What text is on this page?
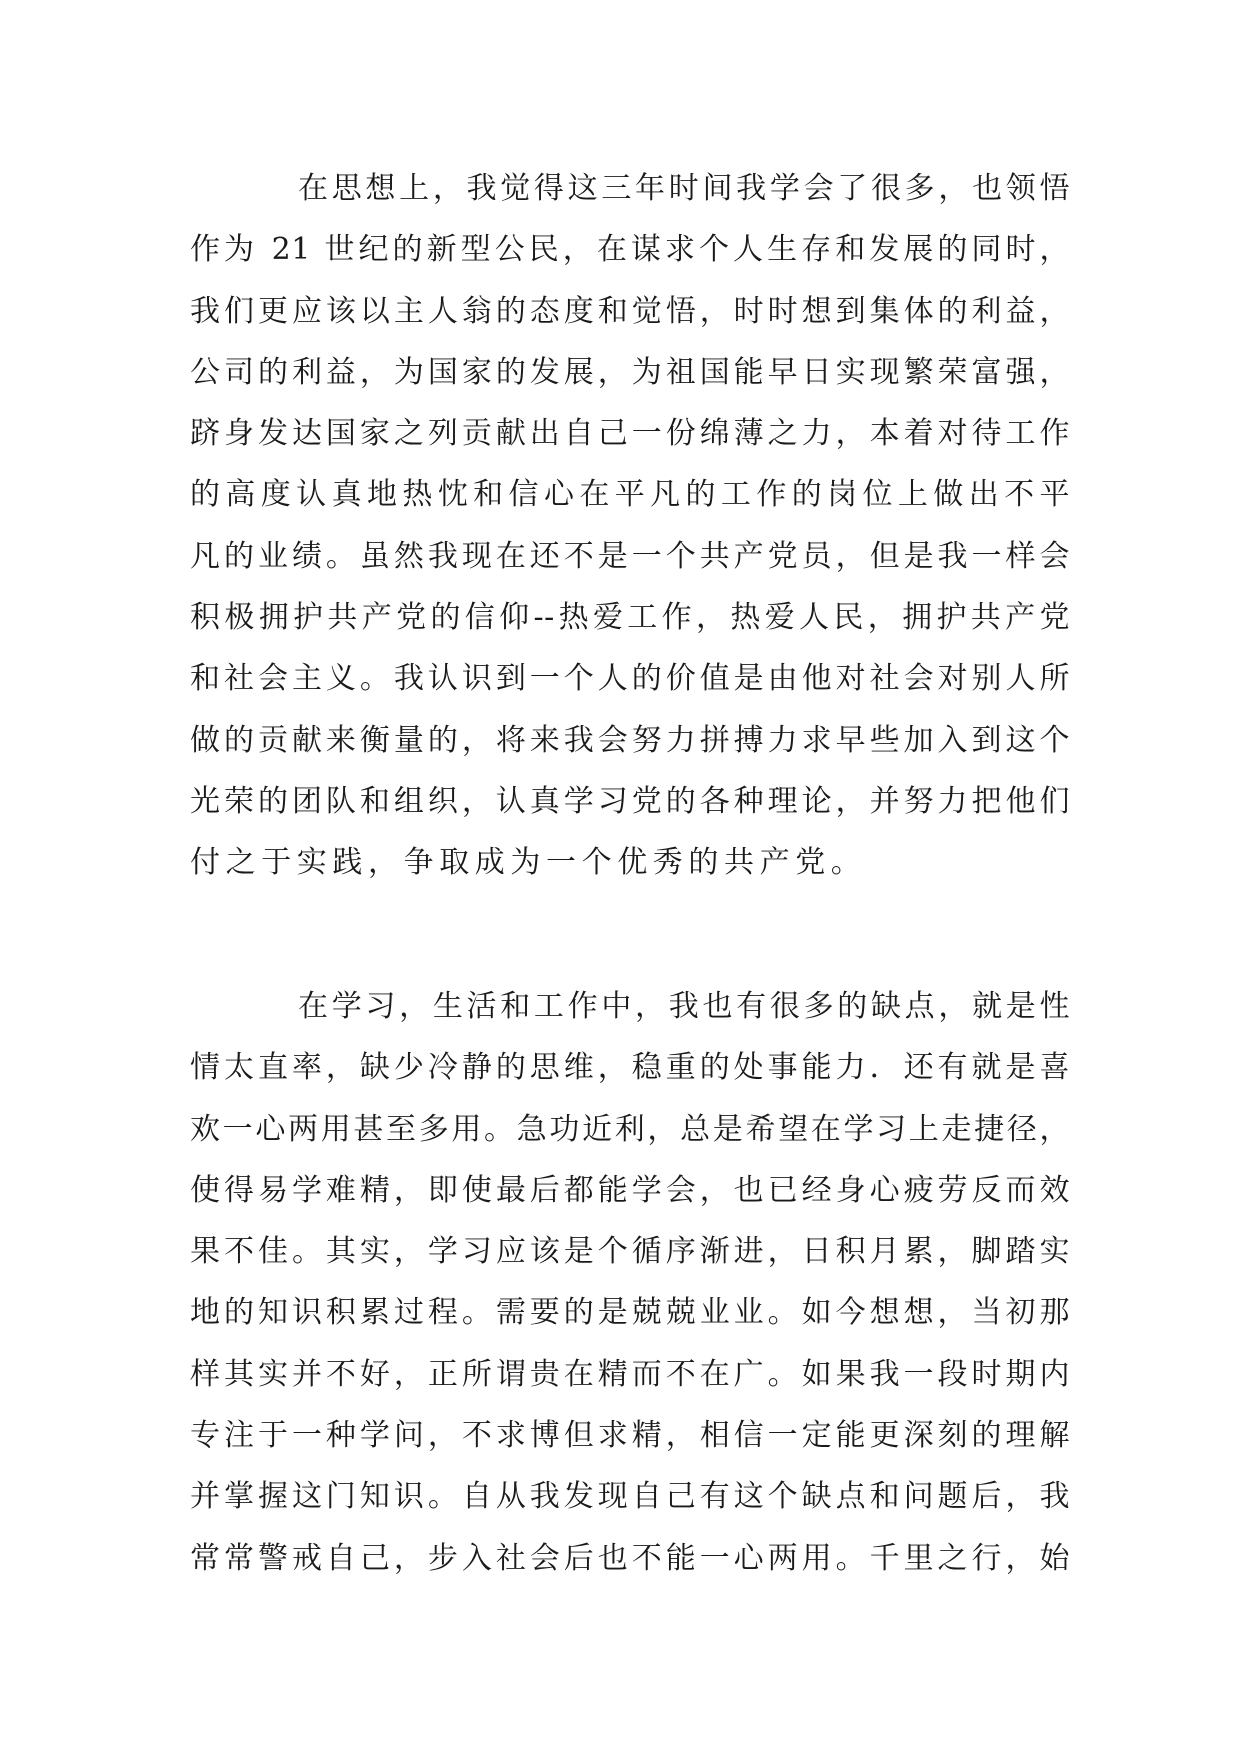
在思想上，我觉得这三年时间我学会了很多，也领悟
作为 21 世纪的新型公民，在谋求个人生存和发展的同时，
我们更应该以主人翁的态度和觉悟，时时想到集体的利益，
公司的利益，为国家的发展，为祖国能早日实现繁荣富强，
跻身发达国家之列贡献出自己一份绵薄之力，本着对待工作
的高度认真地热忱和信心在平凡的工作的岗位上做出不平
凡的业绩。虽然我现在还不是一个共产党员，但是我一样会
积极拥护共产党的信仰--热爱工作，热爱人民，拥护共产党
和社会主义。我认识到一个人的价值是由他对社会对别人所
做的贡献来衡量的，将来我会努力拼搏力求早些加入到这个
光荣的团队和组织，认真学习党的各种理论，并努力把他们
付之于实践，争取成为一个优秀的共产党。
在学习，生活和工作中，我也有很多的缺点，就是性
情太直率，缺少冷静的思维，稳重的处事能力．还有就是喜
欢一心两用甚至多用。急功近利，总是希望在学习上走捷径，
使得易学难精，即使最后都能学会，也已经身心疲劳反而效
果不佳。其实，学习应该是个循序渐进，日积月累，脚踏实
地的知识积累过程。需要的是兢兢业业。如今想想，当初那
样其实并不好，正所谓贵在精而不在广。如果我一段时期内
专注于一种学问，不求博但求精，相信一定能更深刻的理解
并掌握这门知识。自从我发现自己有这个缺点和问题后，我
常常警戒自己，步入社会后也不能一心两用。千里之行，始
